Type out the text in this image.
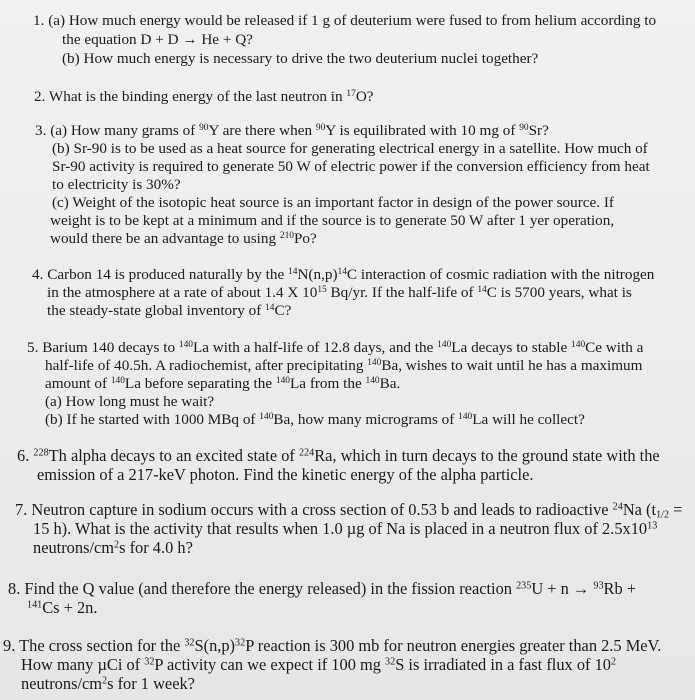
1. (a) How much energy would be released if 1 g of deuterium were fused to from helium according to
the equation D + D → He + Q?
(b) How much energy is necessary to drive the two deuterium nuclei together?
2. What is the binding energy of the last neutron in $^{17}$O?
3. (a) How many grams of $^{90}$Y are there when $^{90}$Y is equilibrated with 10 mg of $^{90}$Sr?
(b) Sr-90 is to be used as a heat source for generating electrical energy in a satellite. How much of
Sr-90 activity is required to generate 50 W of electric power if the conversion efficiency from heat
to electricity is 30%?
(c) Weight of the isotopic heat source is an important factor in design of the power source. If
weight is to be kept at a minimum and if the source is to generate 50 W after 1 yer operation,
would there be an advantage to using $^{210}$Po?
4. Carbon 14 is produced naturally by the $^{14}N(n,p)^{14}C$ interaction of cosmic radiation with the nitrogen
in the atmosphere at a rate of about 1.4 X $10^{15}$ Bq/yr. If the half-life of $^{14}$C is 5700 years, what is
the steady-state global inventory of $^{14}$C?
5. Barium 140 decays to $^{140}$La with a half-life of 12.8 days, and the $^{140}$La decays to stable $^{140}$Ce with a
half-life of 40.5h. A radiochemist, after precipitating $^{140}$Ba, wishes to wait until he has a maximum
amount of $^{140}$La before separating the $^{140}$La from the $^{140}$Ba.
(a) How long must he wait?
(b) If he started with 1000 MBq of $^{140}$Ba, how many micrograms of $^{140}$La will he collect?
6. $^{228}$Th alpha decays to an excited state of $^{224}$Ra, which in turn decays to the ground state with the
emission of a 217-keV photon. Find the kinetic energy of the alpha particle.
7. Neutron capture in sodium occurs with a cross section of 0.53 b and leads to radioactive $^{24}$Na ($t_{1/2}$ =
15 h). What is the activity that results when 1.0 µg of Na is placed in a neutron flux of $2.5x10^{13}$
neutrons/$cm^2s$ for 4.0 h?
8. Find the Q value (and therefore the energy released) in the fission reaction $^{235}$U + n → $^{93}$Rb +
$^{141}$Cs + 2n.
9. The cross section for the $^{32}S(n,p)^{32}P$ reaction is 300 mb for neutron energies greater than 2.5 MeV.
How many µCi of $^{32}$P activity can we expect if 100 mg $^{32}$S is irradiated in a fast flux of $10^2$
neutrons/$cm^2s$ for 1 week?
